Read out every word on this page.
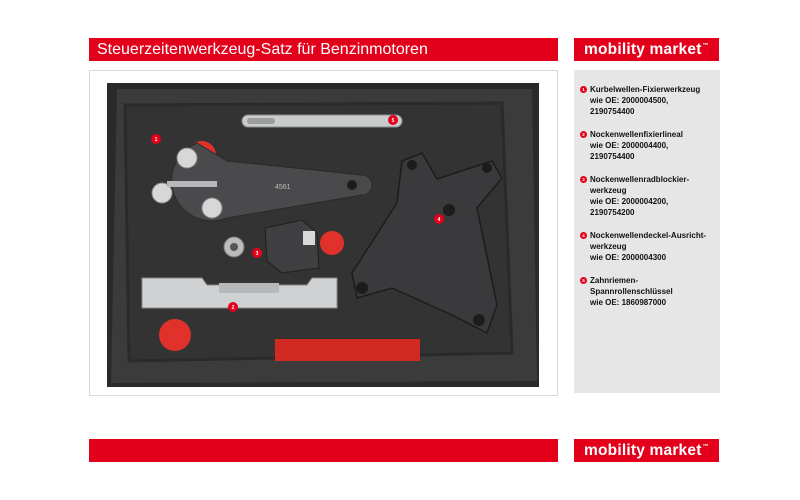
Steuerzeitenwerkzeug-Satz für Benzinmotoren	mobility market™
4561
5
1
4
3
2
1 Kurbelwellen-Fixierwerkzeug
wie OE: 2000004500, 2190754400
2 Nockenwellenfixierlineal
wie OE: 2000004400, 2190754400
3 Nockenwellenradblockier-
werkzeug
wie OE: 2000004200, 2190754200
4 Nockenwellendeckel-Ausricht-
werkzeug
wie OE: 2000004300
5 Zahnriemen-Spannrollenschlüssel
wie OE: 1860987000
mobility market™
